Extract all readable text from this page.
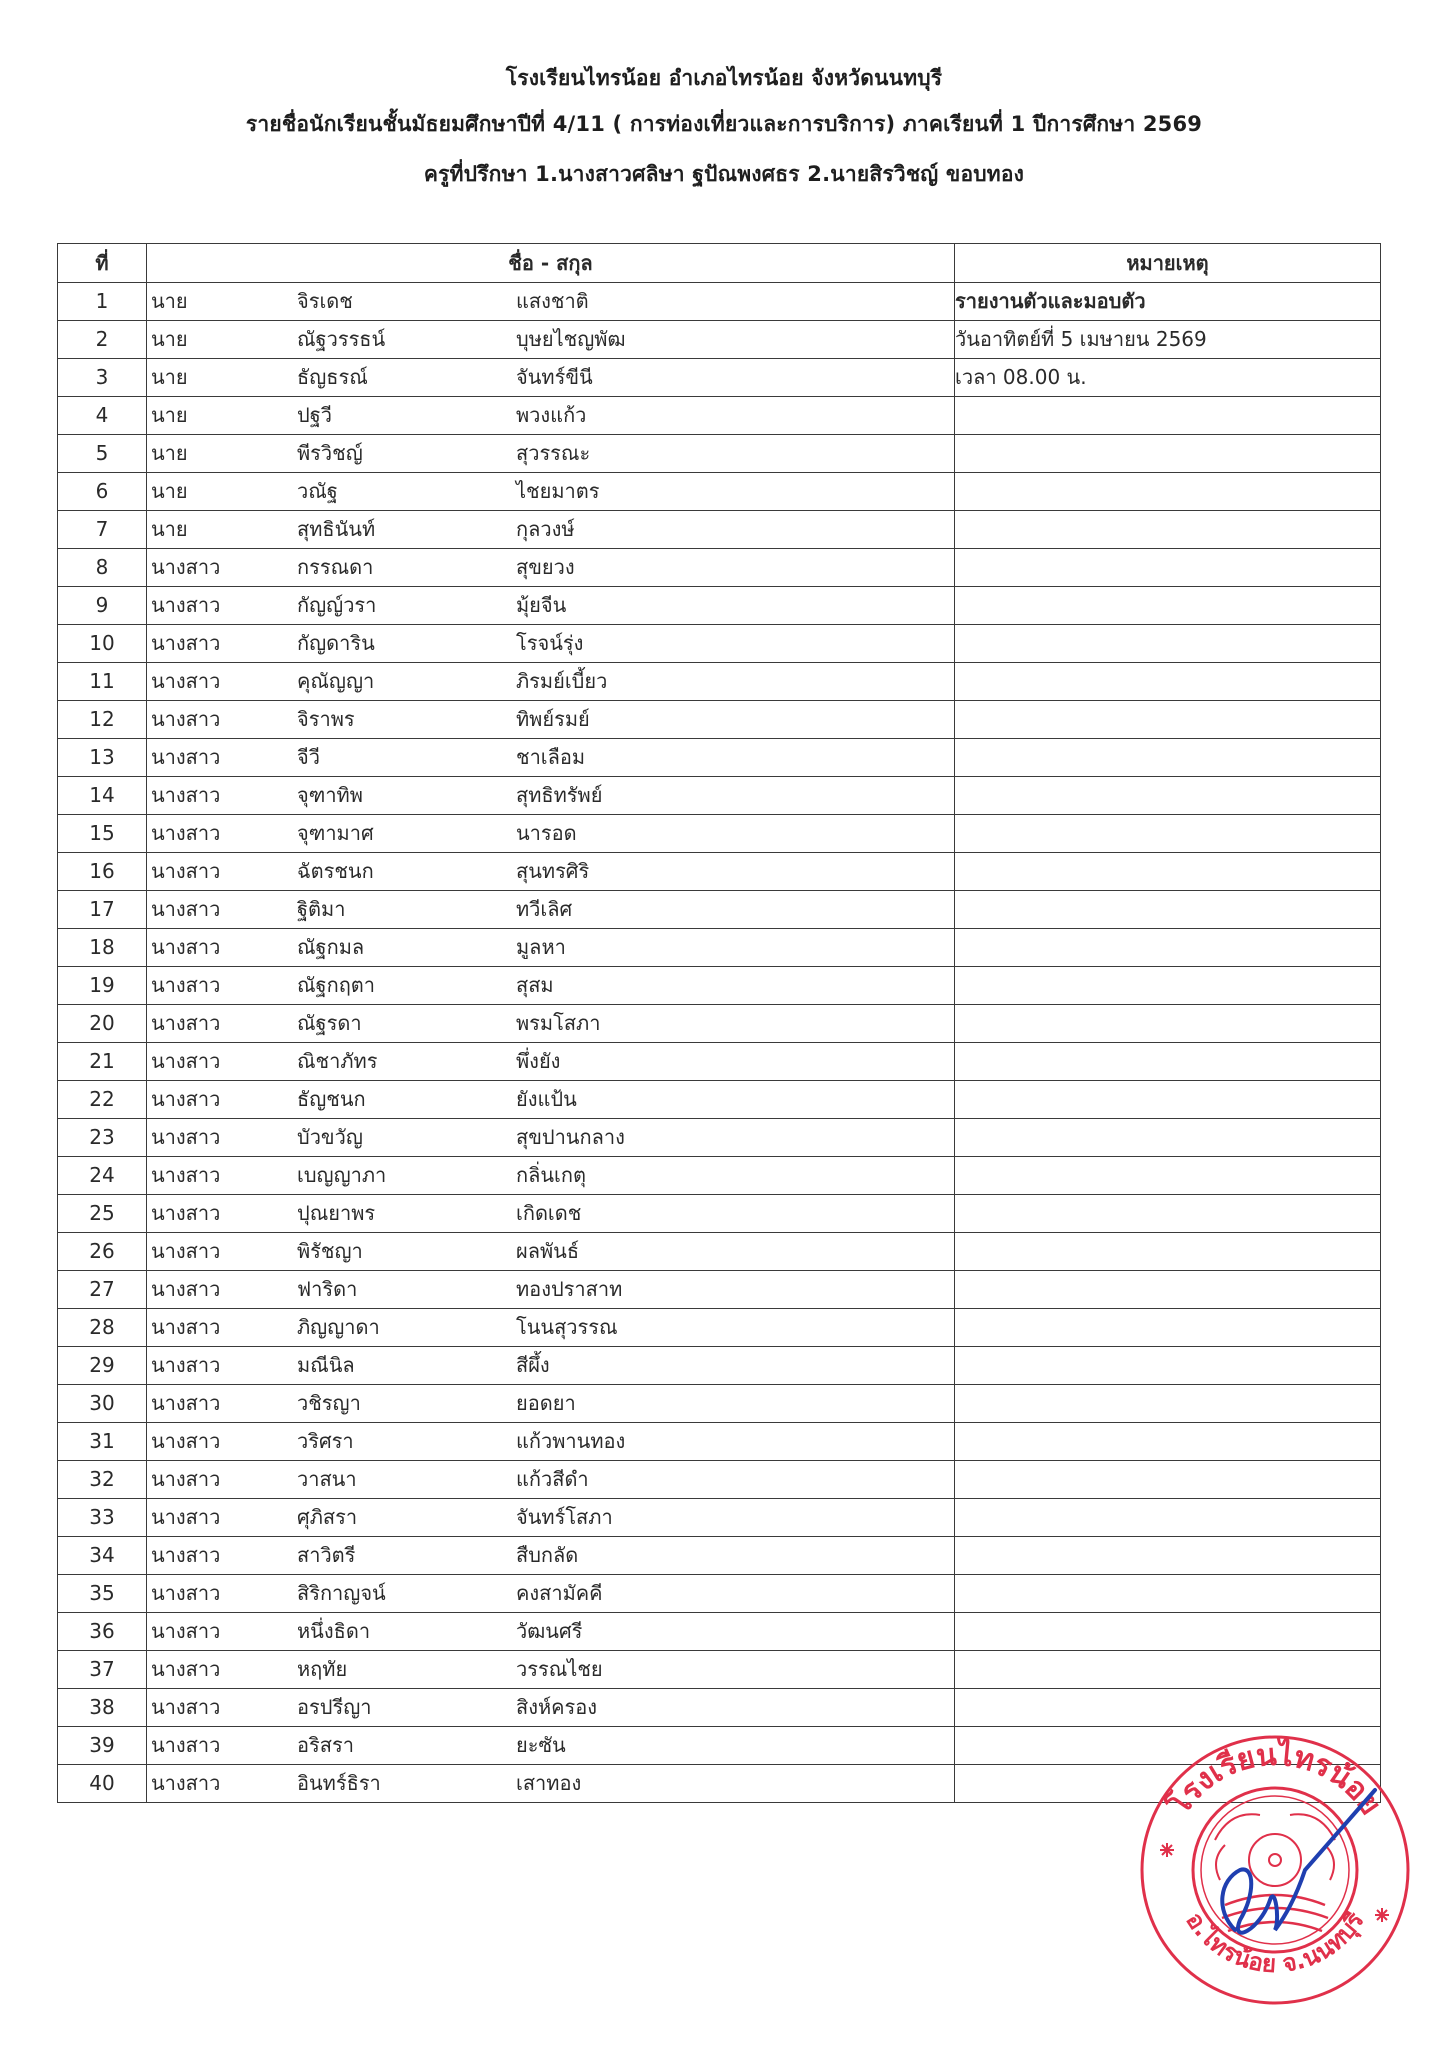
โรงเรียนไทรน้อย อำเภอไทรน้อย จังหวัดนนทบุรี
รายชื่อนักเรียนชั้นมัธยมศึกษาปีที่ 4/11 ( การท่องเที่ยวและการบริการ) ภาคเรียนที่ 1 ปีการศึกษา 2569
ครูที่ปรึกษา 1.นางสาวศลิษา ฐปัณพงศธร 2.นายสิรวิชญ์ ขอบทอง
ที่	ชื่อ - สกุล	หมายเหตุ
1	นาย จิรเดช แสงชาติ	รายงานตัวและมอบตัว
2	นาย ณัฐวรรธน์ บุษยไชญพัฒ	วันอาทิตย์ที่ 5 เมษายน 2569
3	นาย ธัญธรณ์ จันทร์ขีนี	เวลา 08.00 น.
4	นาย ปฐวี พวงแก้ว	

5	นาย พีรวิชญ์ สุวรรณะ	

6	นาย วณัฐ ไชยมาตร	

7	นาย สุทธินันท์ กุลวงษ์	

8	นางสาว กรรณดา สุขยวง	

9	นางสาว กัญญ์วรา มุ้ยจีน	

10	นางสาว กัญดาริน โรจน์รุ่ง	

11	นางสาว คุณัญญา ภิรมย์เบี้ยว	

12	นางสาว จิราพร ทิพย์รมย์	

13	นางสาว จีวี ชาเลือม	

14	นางสาว จุฑาทิพ สุทธิทรัพย์	

15	นางสาว จุฑามาศ นารอด	

16	นางสาว ฉัตรชนก สุนทรศิริ	

17	นางสาว ฐิติมา ทวีเลิศ	

18	นางสาว ณัฐกมล มูลหา	

19	นางสาว ณัฐกฤตา สุสม	

20	นางสาว ณัฐรดา พรมโสภา	

21	นางสาว ณิชาภัทร พึ่งยัง	

22	นางสาว ธัญชนก ยังแป้น	

23	นางสาว บัวขวัญ สุขปานกลาง	

24	นางสาว เบญญาภา กลิ่นเกตุ	

25	นางสาว ปุณยาพร เกิดเดช	

26	นางสาว พิรัชญา ผลพันธ์	

27	นางสาว ฟาริดา ทองปราสาท	

28	นางสาว ภิญญาดา โนนสุวรรณ	

29	นางสาว มณีนิล สีผึ้ง	

30	นางสาว วชิรญา ยอดยา	

31	นางสาว วริศรา แก้วพานทอง	

32	นางสาว วาสนา แก้วสีดำ	

33	นางสาว ศุภิสรา จันทร์โสภา	

34	นางสาว สาวิตรี สืบกลัด	

35	นางสาว สิริกาญจน์ คงสามัคคี	

36	นางสาว หนึ่งธิดา วัฒนศรี	

37	นางสาว หฤทัย วรรณไชย	

38	นางสาว อรปรีญา สิงห์ครอง	

39	นางสาว อริสรา ยะซัน	

40	นางสาว อินทร์ธิรา เสาทอง	

โรงเรียนไทรน้อย
อ.ไทรน้อย จ.นนทบุรี
